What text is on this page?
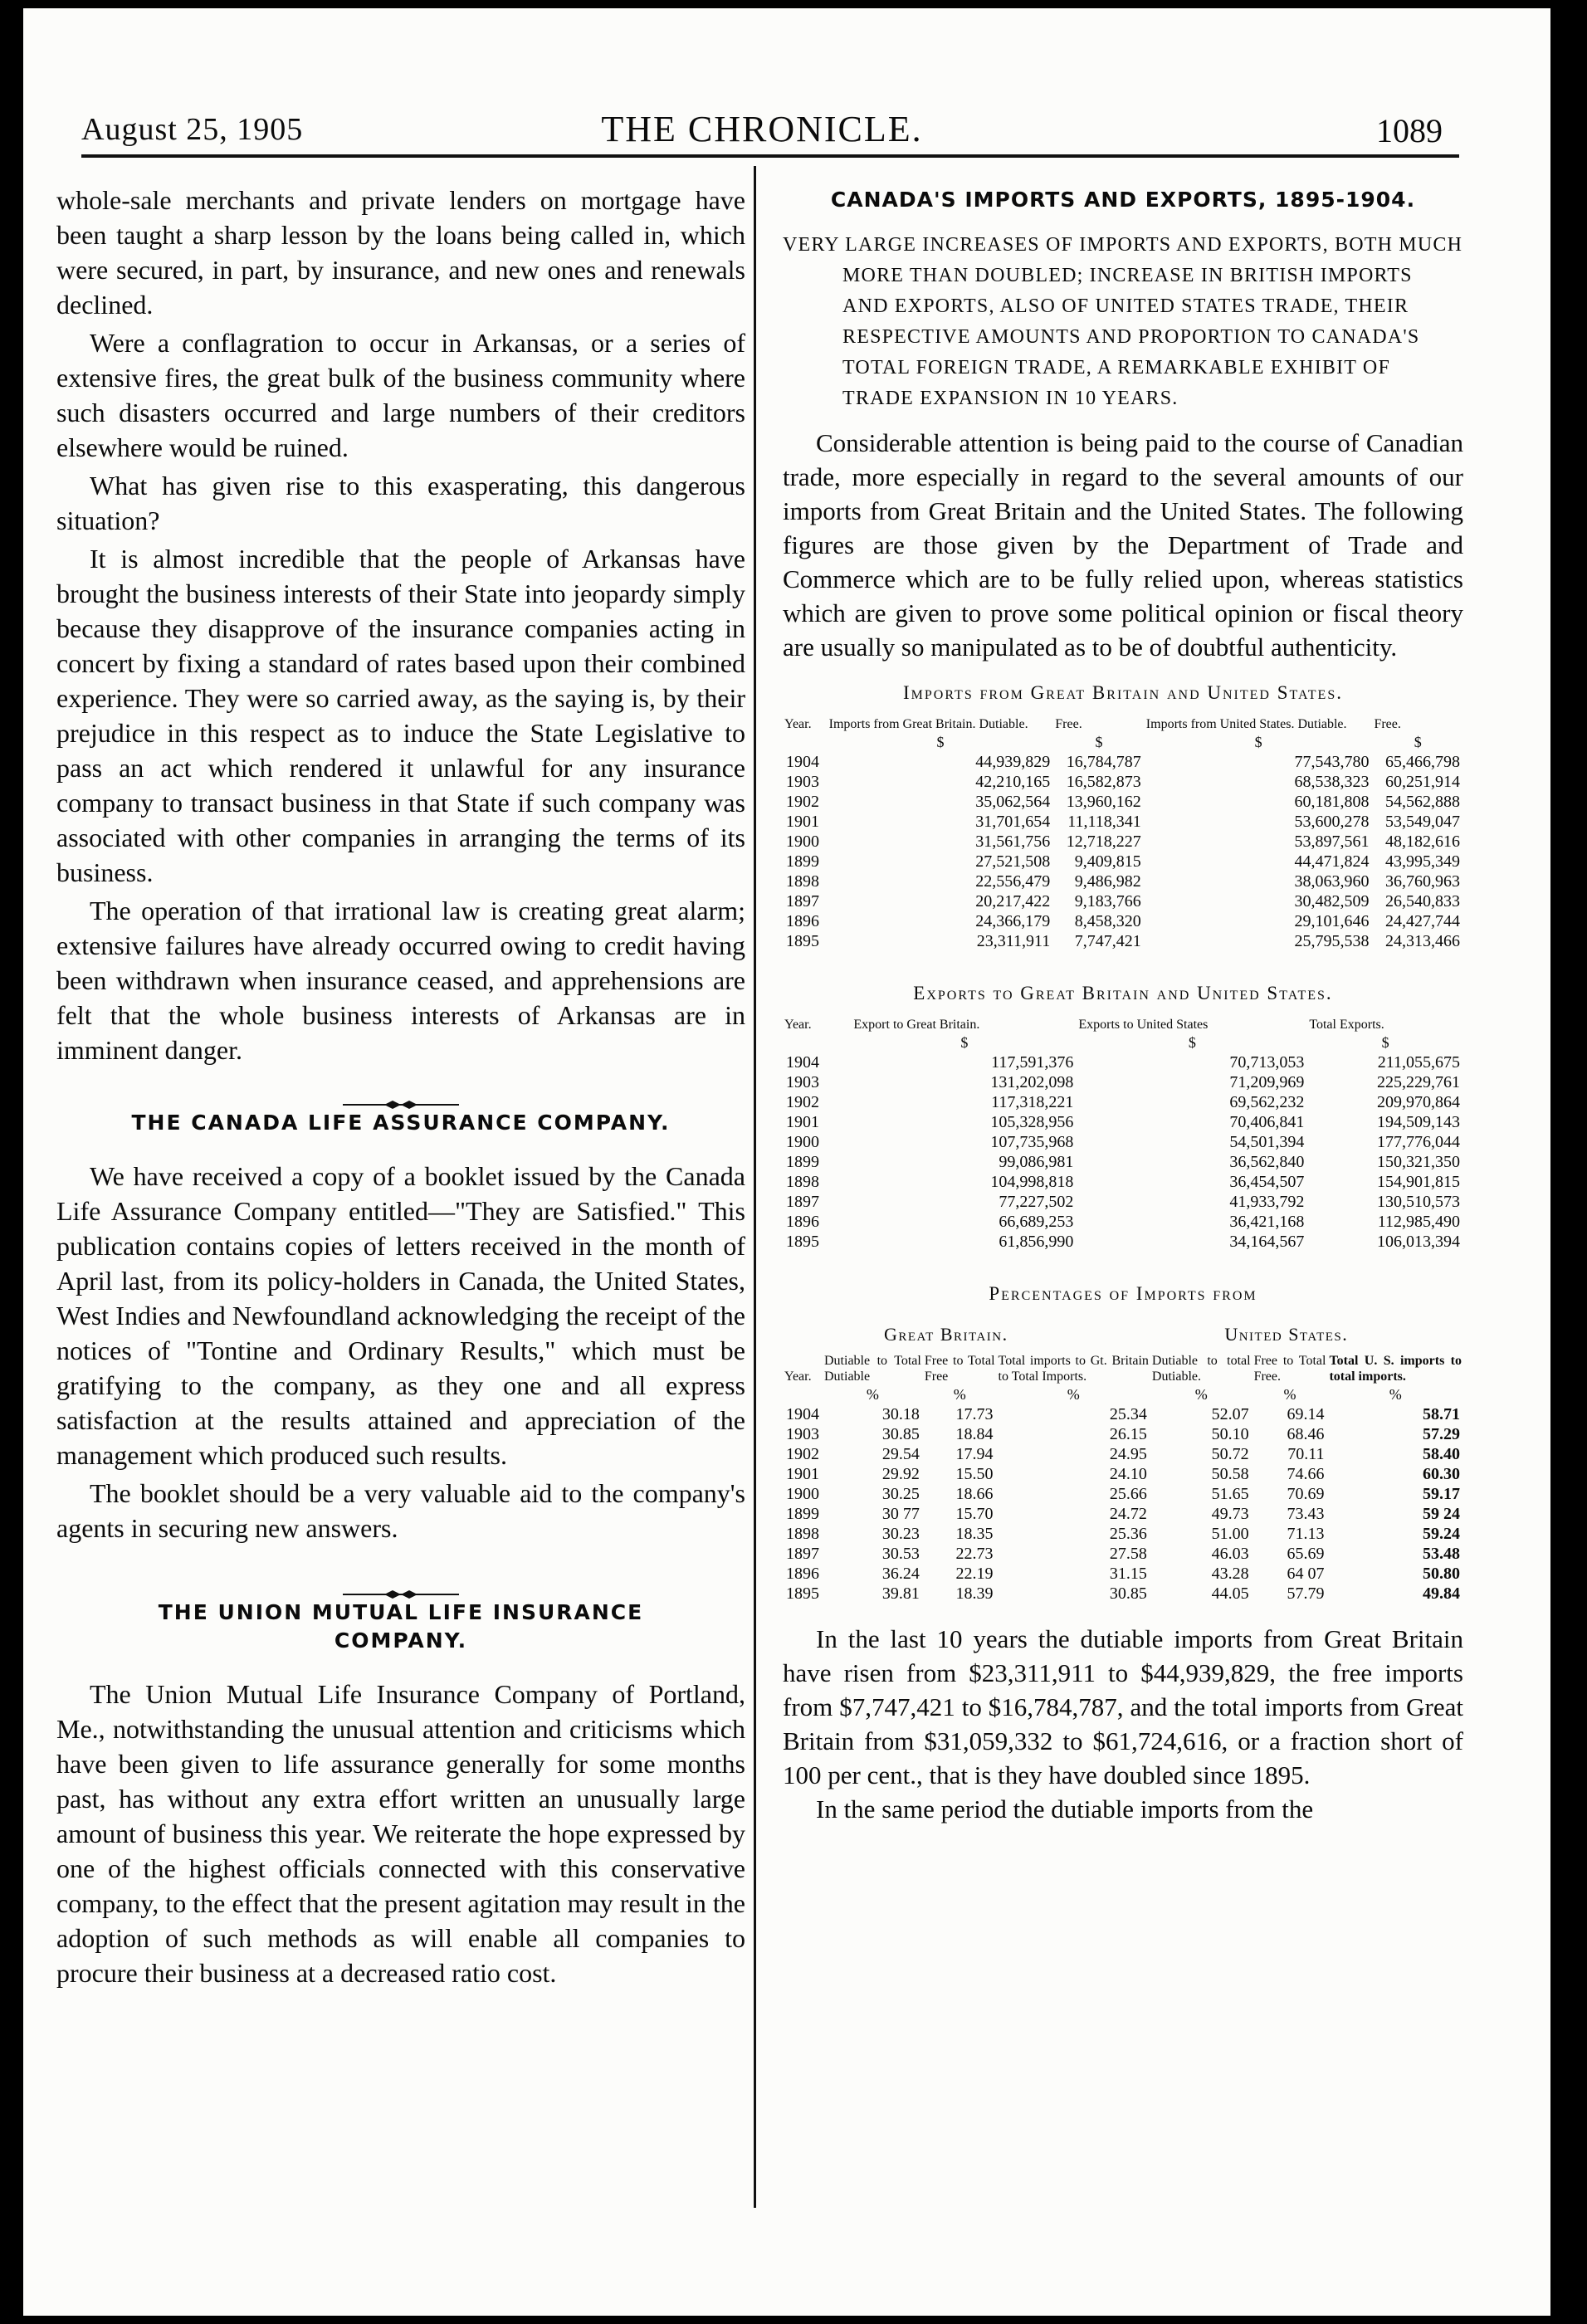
August 25, 1905	THE CHRONICLE.	1089

whole-sale merchants and private lenders on mortgage have been taught a sharp lesson by the loans being called in, which were secured, in part, by insurance, and new ones and renewals declined.

Were a conflagration to occur in Arkansas, or a series of extensive fires, the great bulk of the business community where such disasters occurred and large numbers of their creditors elsewhere would be ruined.

What has given rise to this exasperating, this dangerous situation?

It is almost incredible that the people of Arkansas have brought the business interests of their State into jeopardy simply because they disapprove of the insurance companies acting in concert by fixing a standard of rates based upon their combined experience. They were so carried away, as the saying is, by their prejudice in this respect as to induce the State Legislative to pass an act which rendered it unlawful for any insurance company to transact business in that State if such company was associated with other companies in arranging the terms of its business.

The operation of that irrational law is creating great alarm; extensive failures have already occurred owing to credit having been withdrawn when insurance ceased, and apprehensions are felt that the whole business interests of Arkansas are in imminent danger.

THE CANADA LIFE ASSURANCE COMPANY.

We have received a copy of a booklet issued by the Canada Life Assurance Company entitled—"They are Satisfied." This publication contains copies of letters received in the month of April last, from its policy-holders in Canada, the United States, West Indies and Newfoundland acknowledging the receipt of the notices of "Tontine and Ordinary Results," which must be gratifying to the company, as they one and all express satisfaction at the results attained and appreciation of the management which produced such results.

The booklet should be a very valuable aid to the company's agents in securing new answers.

THE UNION MUTUAL LIFE INSURANCE COMPANY.

The Union Mutual Life Insurance Company of Portland, Me., notwithstanding the unusual attention and criticisms which have been given to life assurance generally for some months past, has without any extra effort written an unusually large amount of business this year. We reiterate the hope expressed by one of the highest officials connected with this conservative company, to the effect that the present agitation may result in the adoption of such methods as will enable all companies to procure their business at a decreased ratio cost.

CANADA'S IMPORTS AND EXPORTS, 1895-1904.
VERY LARGE INCREASES OF IMPORTS AND EXPORTS, BOTH MUCH MORE THAN DOUBLED; INCREASE IN BRITISH IMPORTS AND EXPORTS, ALSO OF UNITED STATES TRADE, THEIR RESPECTIVE AMOUNTS AND PROPORTION TO CANADA'S TOTAL FOREIGN TRADE, A REMARKABLE EXHIBIT OF TRADE EXPANSION IN 10 YEARS.

Considerable attention is being paid to the course of Canadian trade, more especially in regard to the several amounts of our imports from Great Britain and the United States. The following figures are those given by the Department of Trade and Commerce which are to be fully relied upon, whereas statistics which are given to prove some political opinion or fiscal theory are usually so manipulated as to be of doubtful authenticity.

Imports from Great Britain and United States.
Year.	Imports from Great Britain. Dutiable.	Free.	Imports from United States. Dutiable.	Free.
	$	$	$	$
1904	44,939,829	16,784,787	77,543,780	65,466,798
1903	42,210,165	16,582,873	68,538,323	60,251,914
1902	35,062,564	13,960,162	60,181,808	54,562,888
1901	31,701,654	11,118,341	53,600,278	53,549,047
1900	31,561,756	12,718,227	53,897,561	48,182,616
1899	27,521,508	9,409,815	44,471,824	43,995,349
1898	22,556,479	9,486,982	38,063,960	36,760,963
1897	20,217,422	9,183,766	30,482,509	26,540,833
1896	24,366,179	8,458,320	29,101,646	24,427,744
1895	23,311,911	7,747,421	25,795,538	24,313,466
Exports to Great Britain and United States.
Year.	Export to Great Britain.	Exports to United States	Total Exports.
	$	$	$
1904	117,591,376	70,713,053	211,055,675
1903	131,202,098	71,209,969	225,229,761
1902	117,318,221	69,562,232	209,970,864
1901	105,328,956	70,406,841	194,509,143
1900	107,735,968	54,501,394	177,776,044
1899	99,086,981	36,562,840	150,321,350
1898	104,998,818	36,454,507	154,901,815
1897	77,227,502	41,933,792	130,510,573
1896	66,689,253	36,421,168	112,985,490
1895	61,856,990	34,164,567	106,013,394
Percentages of Imports from
Great Britain.	United States.
Year.	Dutiable to Total Dutiable	Free to Total Free	Total imports to Gt. Britain to Total Imports.	Dutiable to total Dutiable.	Free to Total Free.	Total U. S. imports to total imports.
	%	%	%	%	%	%
1904	30.18	17.73	25.34	52.07	69.14	58.71
1903	30.85	18.84	26.15	50.10	68.46	57.29
1902	29.54	17.94	24.95	50.72	70.11	58.40
1901	29.92	15.50	24.10	50.58	74.66	60.30
1900	30.25	18.66	25.66	51.65	70.69	59.17
1899	30 77	15.70	24.72	49.73	73.43	59 24
1898	30.23	18.35	25.36	51.00	71.13	59.24
1897	30.53	22.73	27.58	46.03	65.69	53.48
1896	36.24	22.19	31.15	43.28	64 07	50.80
1895	39.81	18.39	30.85	44.05	57.79	49.84

In the last 10 years the dutiable imports from Great Britain have risen from $23,311,911 to $44,939,829, the free imports from $7,747,421 to $16,784,787, and the total imports from Great Britain from $31,059,332 to $61,724,616, or a fraction short of 100 per cent., that is they have doubled since 1895.

In the same period the dutiable imports from the
